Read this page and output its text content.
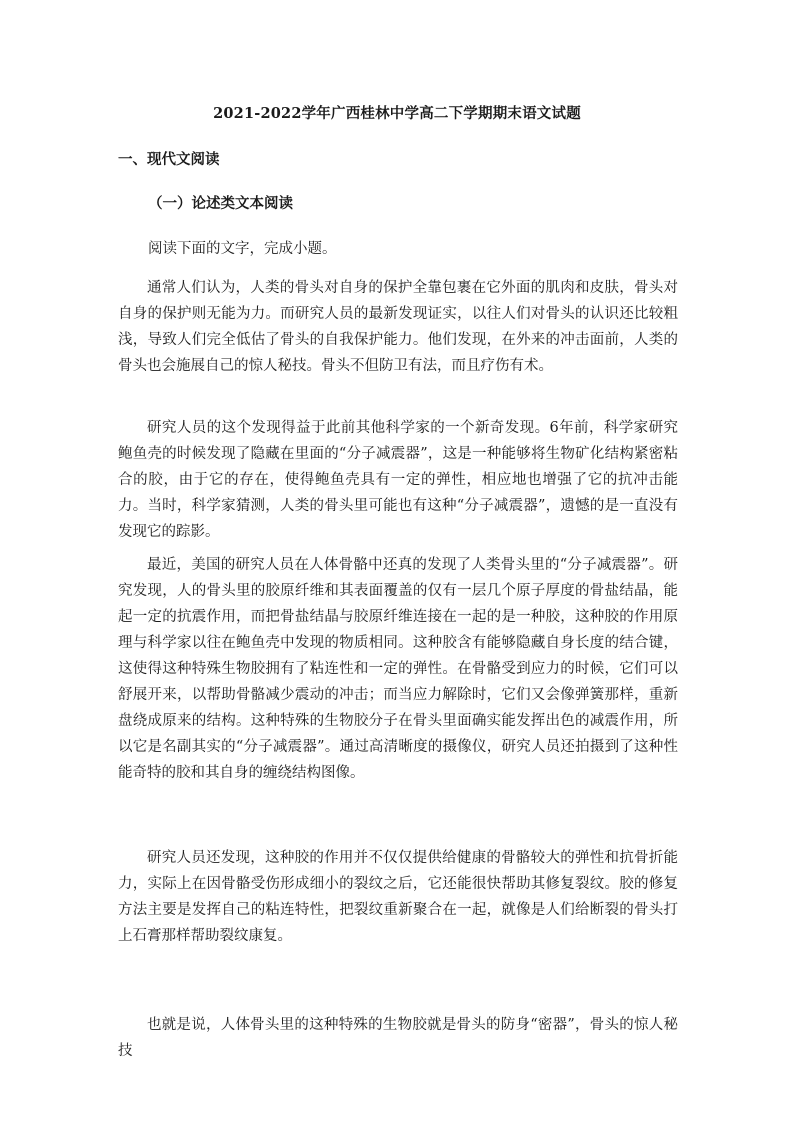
2021-2022学年广西桂林中学高二下学期期末语文试题
一、现代文阅读
（一）论述类文本阅读
阅读下面的文字，完成小题。

通常人们认为，人类的骨头对自身的保护全靠包裹在它外面的肌肉和皮肤，骨头对自身的保护则无能为力。而研究人员的最新发现证实，以往人们对骨头的认识还比较粗浅，导致人们完全低估了骨头的自我保护能力。他们发现，在外来的冲击面前，人类的骨头也会施展自己的惊人秘技。骨头不但防卫有法，而且疗伤有术。

研究人员的这个发现得益于此前其他科学家的一个新奇发现。6年前，科学家研究鲍鱼壳的时候发现了隐藏在里面的“分子减震器”，这是一种能够将生物矿化结构紧密粘合的胶，由于它的存在，使得鲍鱼壳具有一定的弹性，相应地也增强了它的抗冲击能力。当时，科学家猜测，人类的骨头里可能也有这种“分子减震器”，遗憾的是一直没有发现它的踪影。

最近，美国的研究人员在人体骨骼中还真的发现了人类骨头里的“分子减震器”。研究发现，人的骨头里的胶原纤维和其表面覆盖的仅有一层几个原子厚度的骨盐结晶，能起一定的抗震作用，而把骨盐结晶与胶原纤维连接在一起的是一种胶，这种胶的作用原理与科学家以往在鲍鱼壳中发现的物质相同。这种胶含有能够隐藏自身长度的结合键，这使得这种特殊生物胶拥有了粘连性和一定的弹性。在骨骼受到应力的时候，它们可以舒展开来，以帮助骨骼减少震动的冲击；而当应力解除时，它们又会像弹簧那样，重新盘绕成原来的结构。这种特殊的生物胶分子在骨头里面确实能发挥出色的减震作用，所以它是名副其实的“分子减震器”。通过高清晰度的摄像仪，研究人员还拍摄到了这种性能奇特的胶和其自身的缠绕结构图像。

研究人员还发现，这种胶的作用并不仅仅提供给健康的骨骼较大的弹性和抗骨折能力，实际上在因骨骼受伤形成细小的裂纹之后，它还能很快帮助其修复裂纹。胶的修复方法主要是发挥自己的粘连特性，把裂纹重新聚合在一起，就像是人们给断裂的骨头打上石膏那样帮助裂纹康复。

也就是说，人体骨头里的这种特殊的生物胶就是骨头的防身“密器”，骨头的惊人秘技
